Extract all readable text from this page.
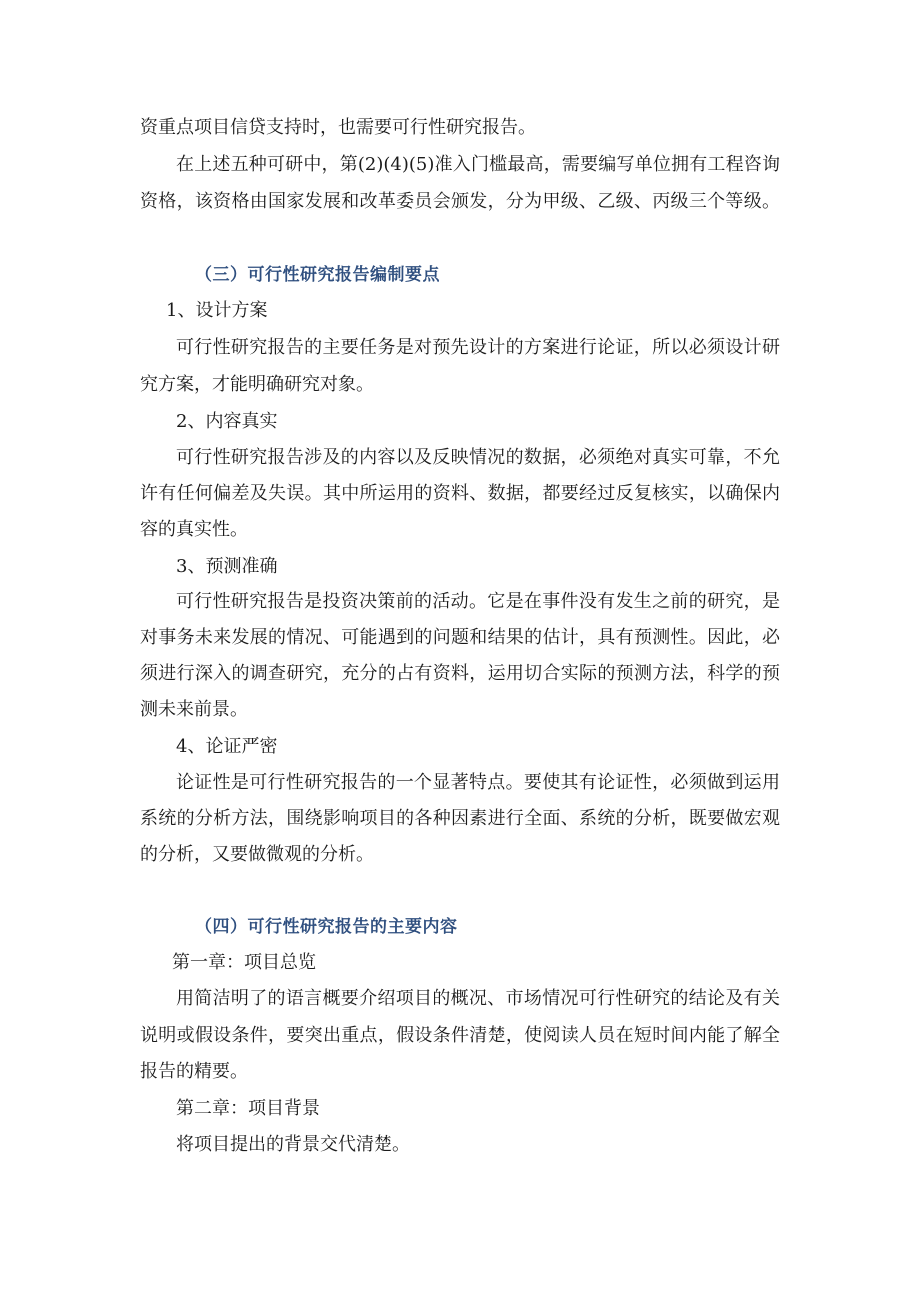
资重点项目信贷支持时，也需要可行性研究报告。
在上述五种可研中，第(2)(4)(5)准入门槛最高，需要编写单位拥有工程咨询
资格，该资格由国家发展和改革委员会颁发，分为甲级、乙级、丙级三个等级。
（三）可行性研究报告编制要点
1、设计方案
可行性研究报告的主要任务是对预先设计的方案进行论证，所以必须设计研
究方案，才能明确研究对象。
2、内容真实
可行性研究报告涉及的内容以及反映情况的数据，必须绝对真实可靠，不允
许有任何偏差及失误。其中所运用的资料、数据，都要经过反复核实，以确保内
容的真实性。
3、预测准确
可行性研究报告是投资决策前的活动。它是在事件没有发生之前的研究，是
对事务未来发展的情况、可能遇到的问题和结果的估计，具有预测性。因此，必
须进行深入的调查研究，充分的占有资料，运用切合实际的预测方法，科学的预
测未来前景。
4、论证严密
论证性是可行性研究报告的一个显著特点。要使其有论证性，必须做到运用
系统的分析方法，围绕影响项目的各种因素进行全面、系统的分析，既要做宏观
的分析，又要做微观的分析。
（四）可行性研究报告的主要内容
第一章：项目总览
用简洁明了的语言概要介绍项目的概况、市场情况可行性研究的结论及有关
说明或假设条件，要突出重点，假设条件清楚，使阅读人员在短时间内能了解全
报告的精要。
第二章：项目背景
将项目提出的背景交代清楚。
